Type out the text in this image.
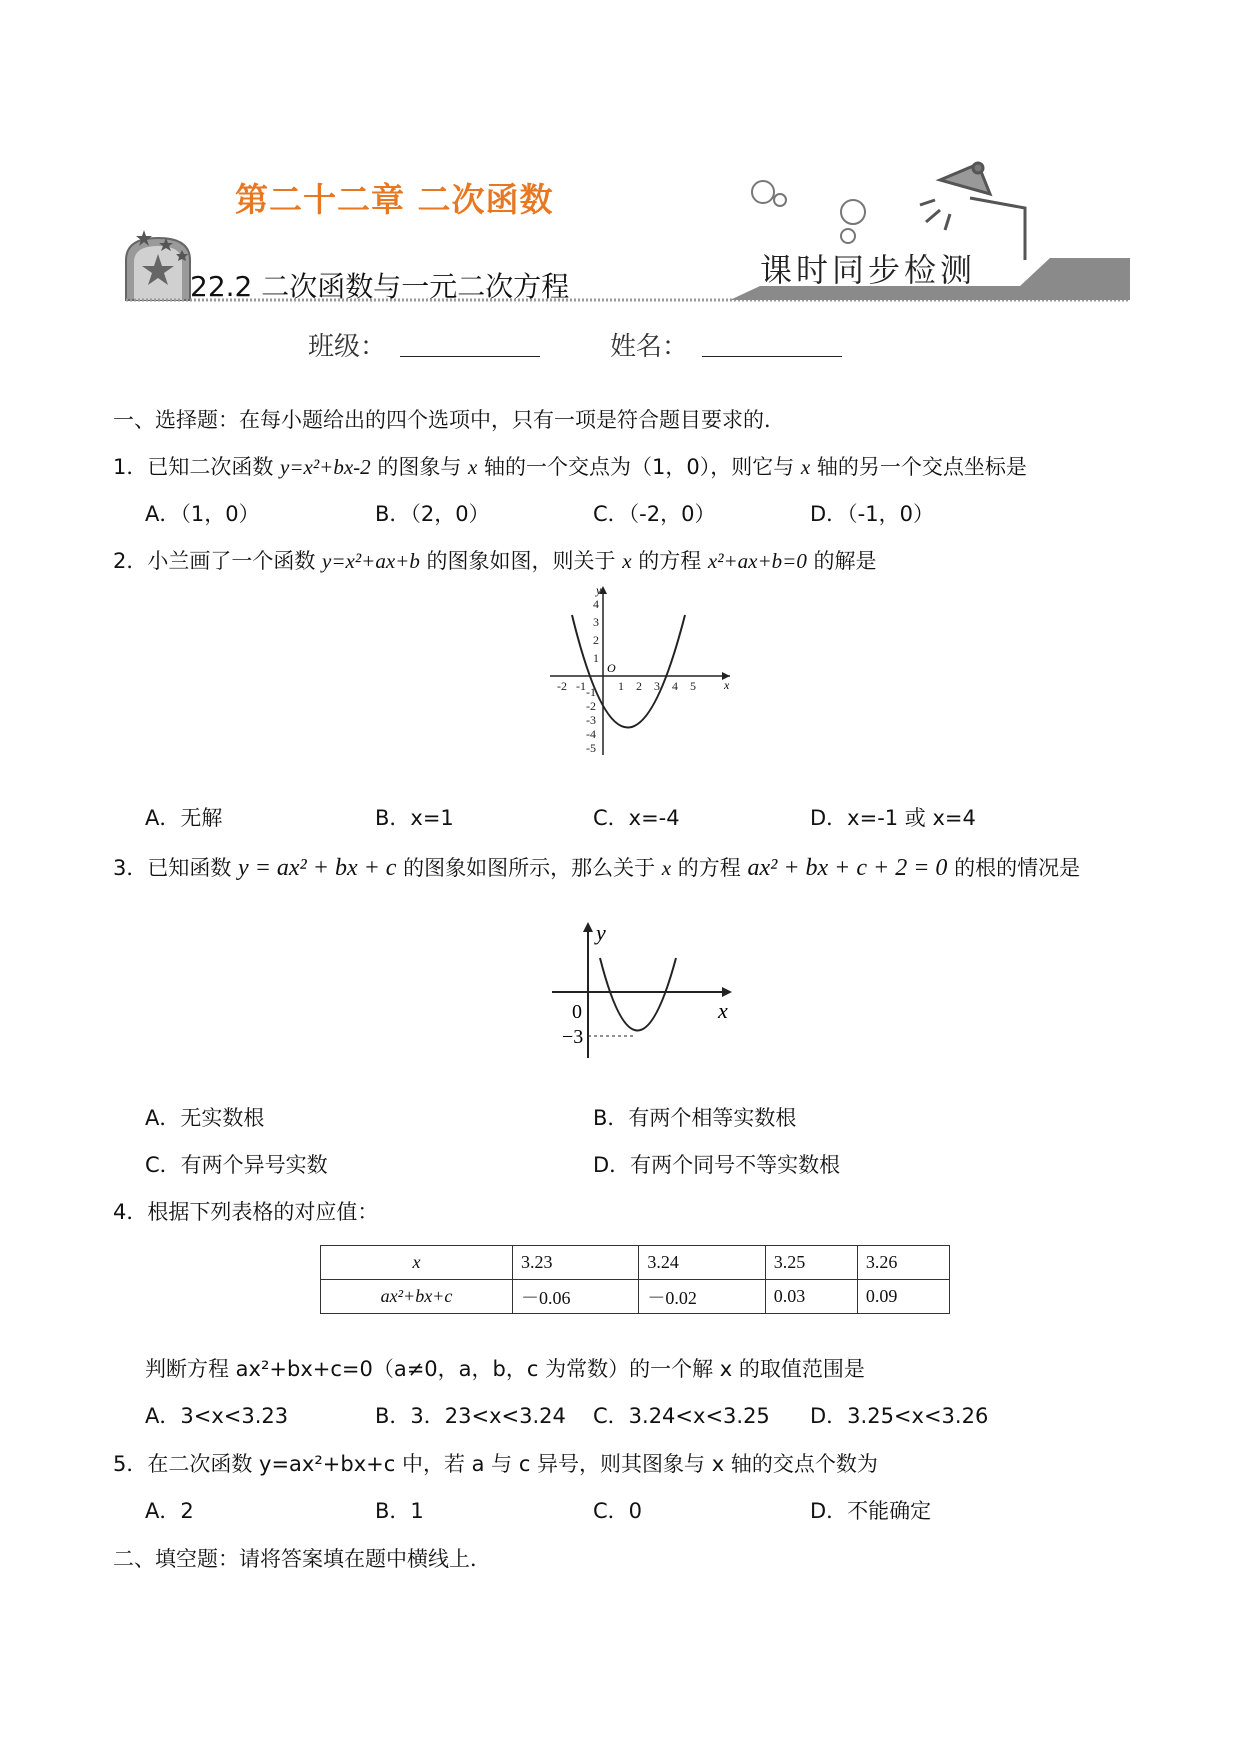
第二十二章 二次函数
22.2 二次函数与一元二次方程	课时同步检测
班级：	姓名：
一、选择题：在每小题给出的四个选项中，只有一项是符合题目要求的．
1．已知二次函数 y=x²+bx-2 的图象与 x 轴的一个交点为（1，0），则它与 x 轴的另一个交点坐标是
A．（1，0）	B．（2，0）	C．（-2，0）	D．（-1，0）
2．小兰画了一个函数 y=x²+ax+b 的图象如图，则关于 x 的方程 x²+ax+b=0 的解是
O
x
y
-2 -1	1 2 3 4 5
4
3
2
1
-1
-2
-3
-4
-5
A．无解	B．x=1	C．x=-4	D．x=-1 或 x=4
3．已知函数 y = ax² + bx + c 的图象如图所示，那么关于 x 的方程 ax² + bx + c + 2 = 0 的根的情况是
y
x
0
−3
A．无实数根	B．有两个相等实数根
C．有两个异号实数	D．有两个同号不等实数根
4．根据下列表格的对应值：
x	3.23	3.24	3.25	3.26
ax²+bx+c	－0.06	－0.02	0.03	0.09
判断方程 ax²+bx+c=0（a≠0，a，b，c 为常数）的一个解 x 的取值范围是
A．3<x<3.23	B．3．23<x<3.24 C．3.24<x<3.25 D．3.25<x<3.26
5．在二次函数 y=ax²+bx+c 中，若 a 与 c 异号，则其图象与 x 轴的交点个数为
A．2	B．1	C．0	D．不能确定
二、填空题：请将答案填在题中横线上．
